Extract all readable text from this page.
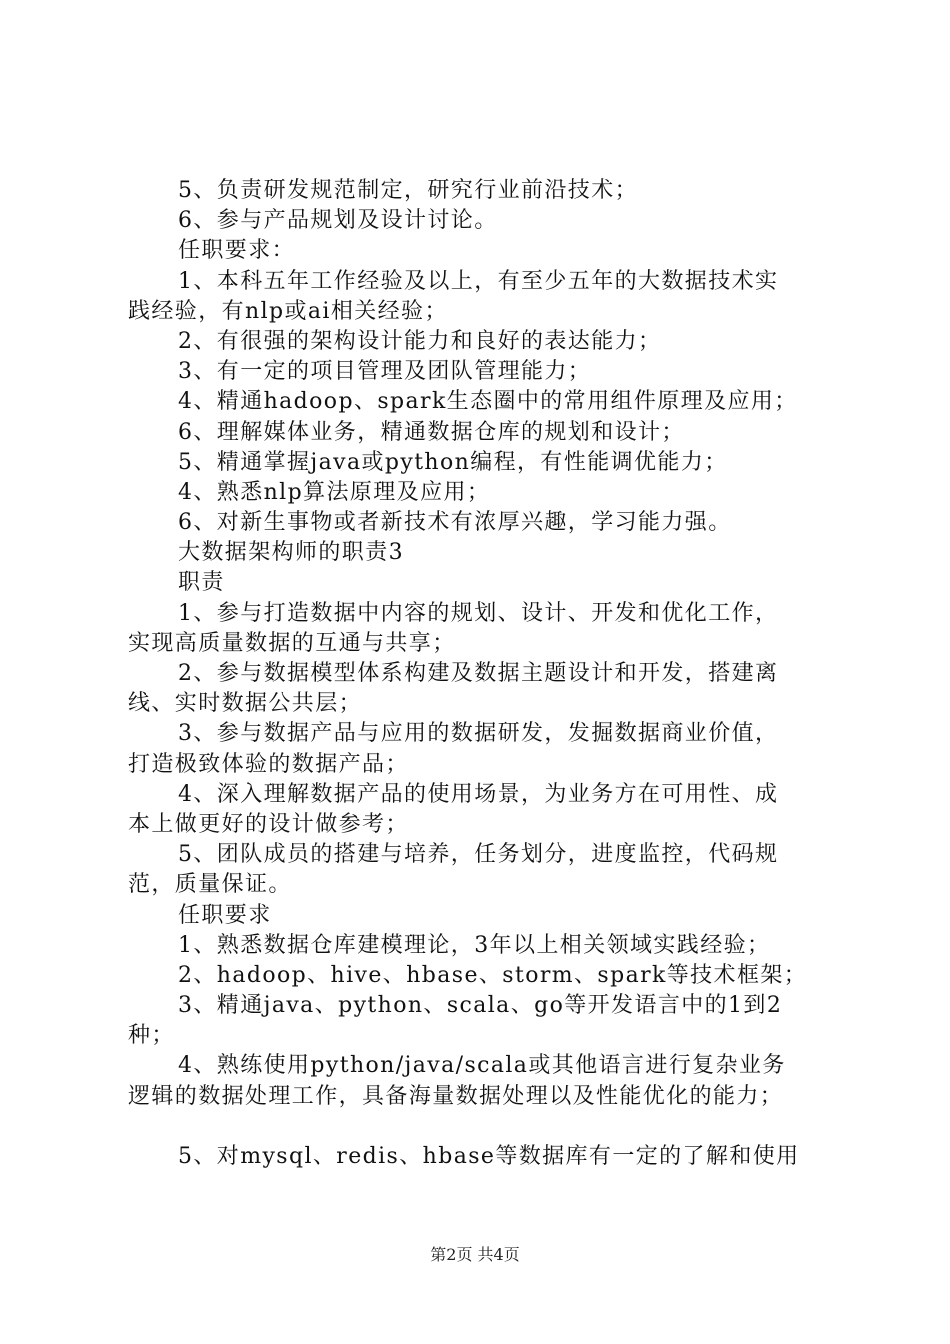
5、负责研发规范制定，研究行业前沿技术；
6、参与产品规划及设计讨论。
任职要求：
1、本科五年工作经验及以上，有至少五年的大数据技术实
践经验，有nlp或ai相关经验；
2、有很强的架构设计能力和良好的表达能力；
3、有一定的项目管理及团队管理能力；
4、精通hadoop、spark生态圈中的常用组件原理及应用；
6、理解媒体业务，精通数据仓库的规划和设计；
5、精通掌握java或python编程，有性能调优能力；
4、熟悉nlp算法原理及应用；
6、对新生事物或者新技术有浓厚兴趣，学习能力强。
大数据架构师的职责3
职责
1、参与打造数据中内容的规划、设计、开发和优化工作，
实现高质量数据的互通与共享；
2、参与数据模型体系构建及数据主题设计和开发，搭建离
线、实时数据公共层；
3、参与数据产品与应用的数据研发，发掘数据商业价值，
打造极致体验的数据产品；
4、深入理解数据产品的使用场景，为业务方在可用性、成
本上做更好的设计做参考；
5、团队成员的搭建与培养，任务划分，进度监控，代码规
范，质量保证。
任职要求
1、熟悉数据仓库建模理论，3年以上相关领域实践经验；
2、hadoop、hive、hbase、storm、spark等技术框架；
3、精通java、python、scala、go等开发语言中的1到2
种；
4、熟练使用python/java/scala或其他语言进行复杂业务
逻辑的数据处理工作，具备海量数据处理以及性能优化的能力；
5、对mysql、redis、hbase等数据库有一定的了解和使用
第2页 共4页
